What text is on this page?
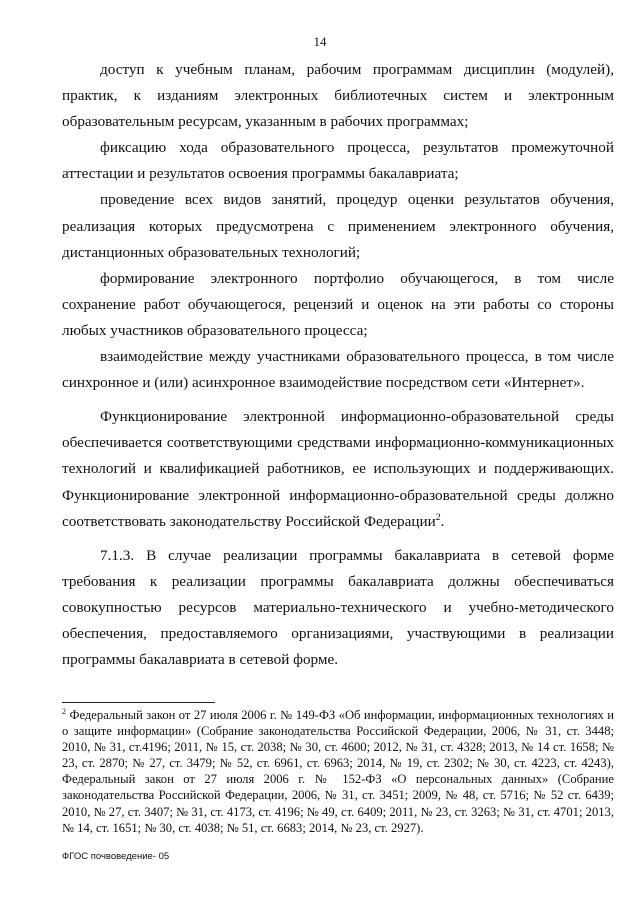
14

доступ к учебным планам, рабочим программам дисциплин (модулей), практик, к изданиям электронных библиотечных систем и электронным образовательным ресурсам, указанным в рабочих программах;

фиксацию хода образовательного процесса, результатов промежуточной аттестации и результатов освоения программы бакалавриата;

проведение всех видов занятий, процедур оценки результатов обучения, реализация которых предусмотрена с применением электронного обучения, дистанционных образовательных технологий;

формирование электронного портфолио обучающегося, в том числе сохранение работ обучающегося, рецензий и оценок на эти работы со стороны любых участников образовательного процесса;

взаимодействие между участниками образовательного процесса, в том числе синхронное и (или) асинхронное взаимодействие посредством сети «Интернет».

Функционирование электронной информационно-образовательной среды обеспечивается соответствующими средствами информационно-коммуникационных технологий и квалификацией работников, ее использующих и поддерживающих. Функционирование электронной информационно-образовательной среды должно соответствовать законодательству Российской Федерации$^2$.

7.1.3. В случае реализации программы бакалавриата в сетевой форме требования к реализации программы бакалавриата должны обеспечиваться совокупностью ресурсов материально-технического и учебно-методического обеспечения, предоставляемого организациями, участвующими в реализации программы бакалавриата в сетевой форме.

$^2$ Федеральный закон от 27 июля 2006 г. № 149-ФЗ «Об информации, информационных технологиях и о защите информации» (Собрание законодательства Российской Федерации, 2006, № 31, ст. 3448; 2010, № 31, ст.4196; 2011, № 15, ст. 2038; № 30, ст. 4600; 2012, № 31, ст. 4328; 2013, № 14 ст. 1658; № 23, ст. 2870; № 27, ст. 3479; № 52, ст. 6961, ст. 6963; 2014, № 19, ст. 2302; № 30, ст. 4223, ст. 4243), Федеральный закон от 27 июля 2006 г. № 152-ФЗ «О персональных данных» (Собрание законодательства Российской Федерации, 2006, № 31, ст. 3451; 2009, № 48, ст. 5716; № 52 ст. 6439; 2010, № 27, ст. 3407; № 31, ст. 4173, ст. 4196; № 49, ст. 6409; 2011, № 23, ст. 3263; № 31, ст. 4701; 2013, № 14, ст. 1651; № 30, ст. 4038; № 51, ст. 6683; 2014, № 23, ст. 2927).

ФГОС почвоведение- 05
